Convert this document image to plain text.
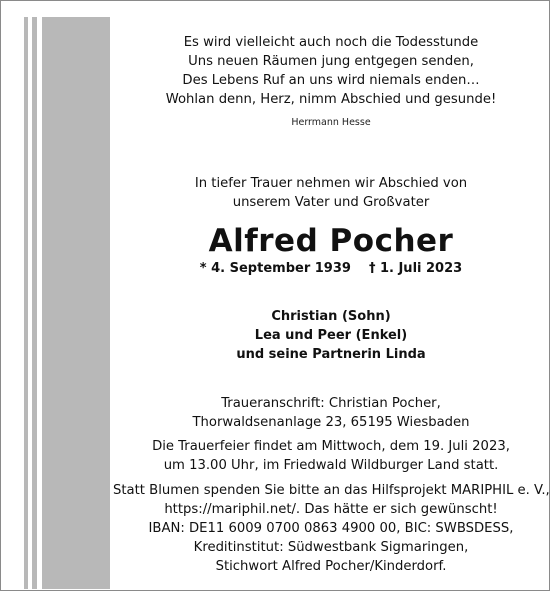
Es wird vielleicht auch noch die Todesstunde
Uns neuen Räumen jung entgegen senden,
Des Lebens Ruf an uns wird niemals enden…
Wohlan denn, Herz, nimm Abschied und gesunde!
Herrmann Hesse
In tiefer Trauer nehmen wir Abschied von
unserem Vater und Großvater
Alfred Pocher
* 4. September 1939 † 1. Juli 2023
Christian (Sohn)
Lea und Peer (Enkel)
und seine Partnerin Linda
Traueranschrift: Christian Pocher,
Thorwaldsenanlage 23, 65195 Wiesbaden
Die Trauerfeier findet am Mittwoch, dem 19. Juli 2023,
um 13.00 Uhr, im Friedwald Wildburger Land statt.
Statt Blumen spenden Sie bitte an das Hilfsprojekt MARIPHIL e. V.,
https://mariphil.net/. Das hätte er sich gewünscht!
IBAN: DE11 6009 0700 0863 4900 00, BIC: SWBSDESS,
Kreditinstitut: Südwestbank Sigmaringen,
Stichwort Alfred Pocher/Kinderdorf.
